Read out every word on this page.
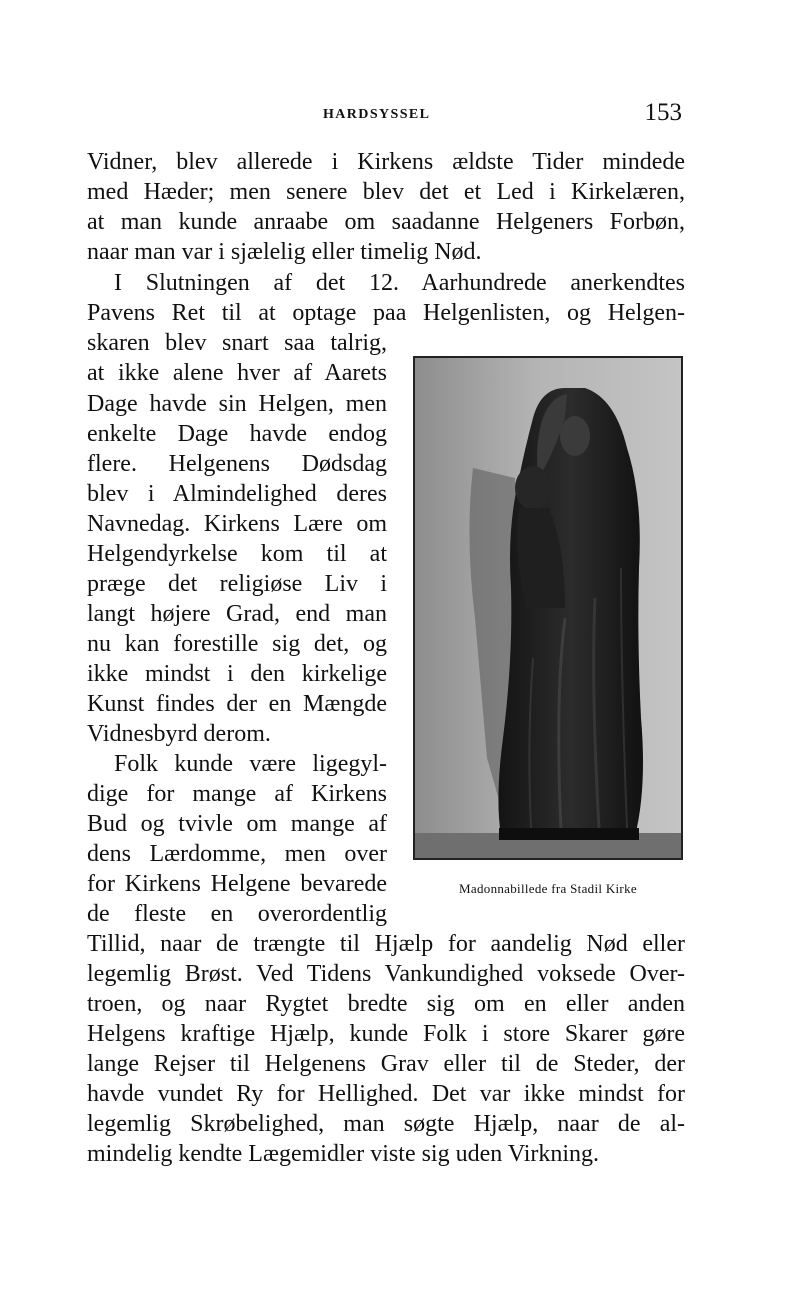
HARDSYSSEL	153
Vidner, blev allerede i Kirkens ældste Tider mindede
med Hæder; men senere blev det et Led i Kirkelæren,
at man kunde anraabe om saadanne Helgeners Forbøn,
naar man var i sjælelig eller timelig Nød.
I Slutningen af det 12. Aarhundrede anerkendtes
Pavens Ret til at optage paa Helgenlisten, og Helgen-
skaren blev snart saa talrig,
at ikke alene hver af Aarets
Dage havde sin Helgen, men
enkelte Dage havde endog
flere. Helgenens Dødsdag
blev i Almindelighed deres
Navnedag. Kirkens Lære om
Helgendyrkelse kom til at
præge det religiøse Liv i
langt højere Grad, end man
nu kan forestille sig det, og
ikke mindst i den kirkelige
Kunst findes der en Mængde
Vidnesbyrd derom.
Folk kunde være ligegyl-
dige for mange af Kirkens
Bud og tvivle om mange af
dens Lærdomme, men over
for Kirkens Helgene bevarede
de fleste en overordentlig
Tillid, naar de trængte til Hjælp for aandelig Nød eller
legemlig Brøst. Ved Tidens Vankundighed voksede Over-
troen, og naar Rygtet bredte sig om en eller anden
Helgens kraftige Hjælp, kunde Folk i store Skarer gøre
lange Rejser til Helgenens Grav eller til de Steder, der
havde vundet Ry for Hellighed. Det var ikke mindst for
legemlig Skrøbelighed, man søgte Hjælp, naar de al-
mindelig kendte Lægemidler viste sig uden Virkning.
Madonnabillede fra Stadil Kirke
